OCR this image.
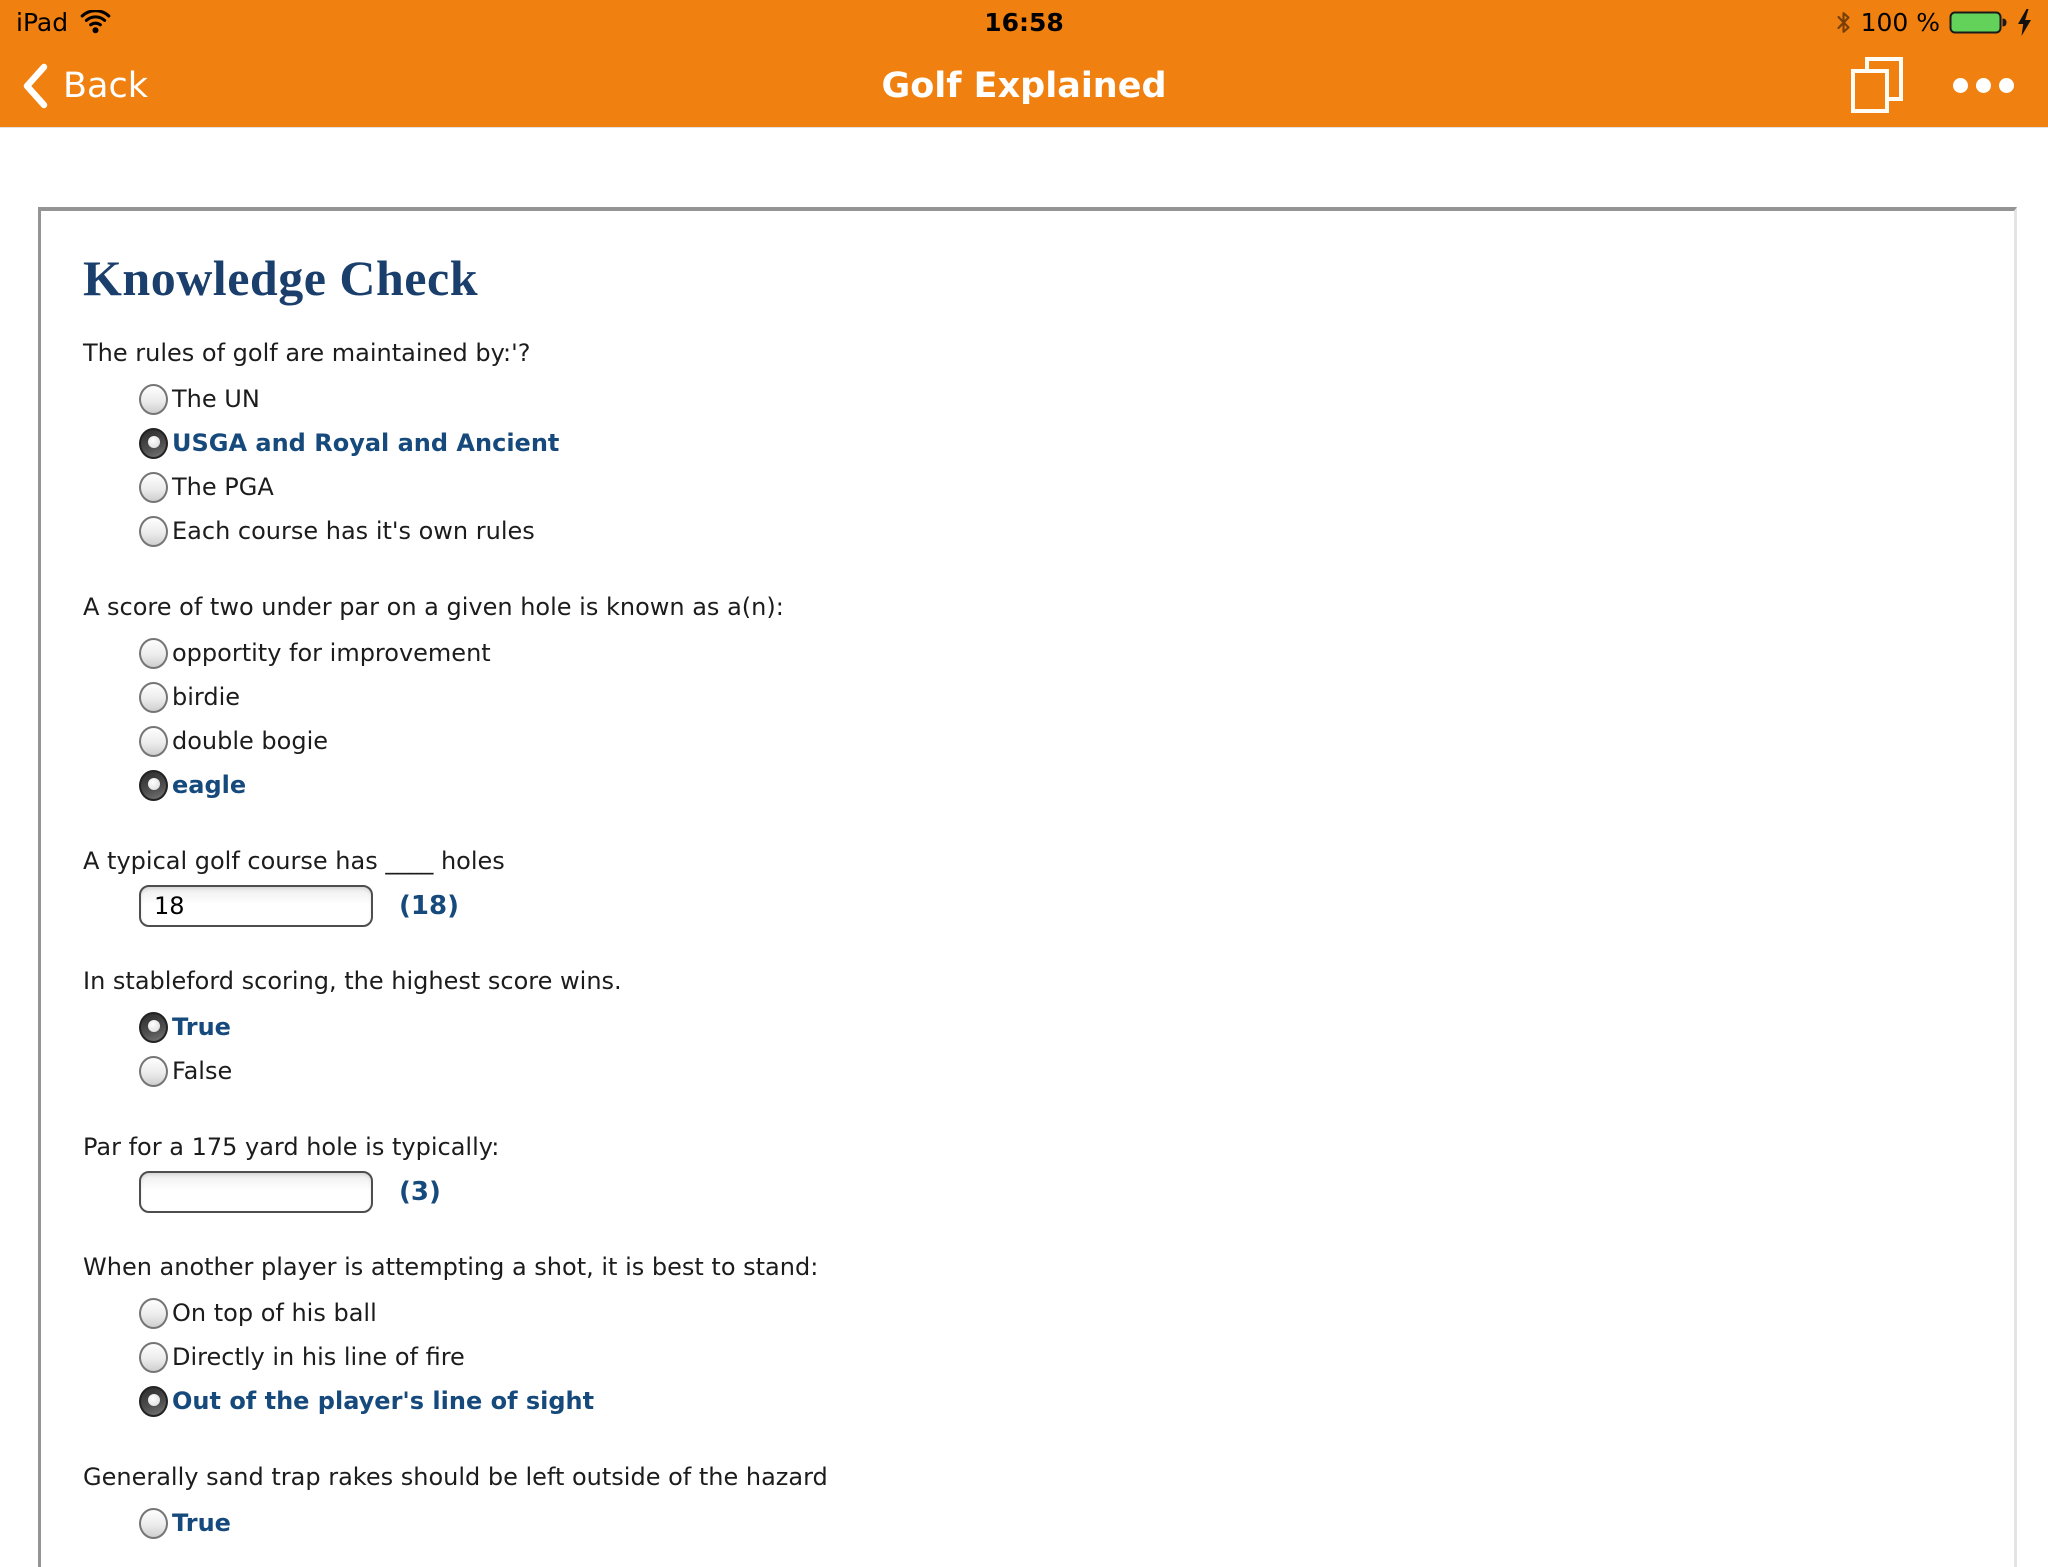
iPad	16:58	100 %
Back	Golf Explained
Knowledge Check
The rules of golf are maintained by:'?
The UN
USGA and Royal and Ancient
The PGA
Each course has it's own rules
A score of two under par on a given hole is known as a(n):
opportity for improvement
birdie
double bogie
eagle
A typical golf course has ____ holes
18
(18)
In stableford scoring, the highest score wins.
True
False
Par for a 175 yard hole is typically:
(3)
When another player is attempting a shot, it is best to stand:
On top of his ball
Directly in his line of fire
Out of the player's line of sight
Generally sand trap rakes should be left outside of the hazard
True
